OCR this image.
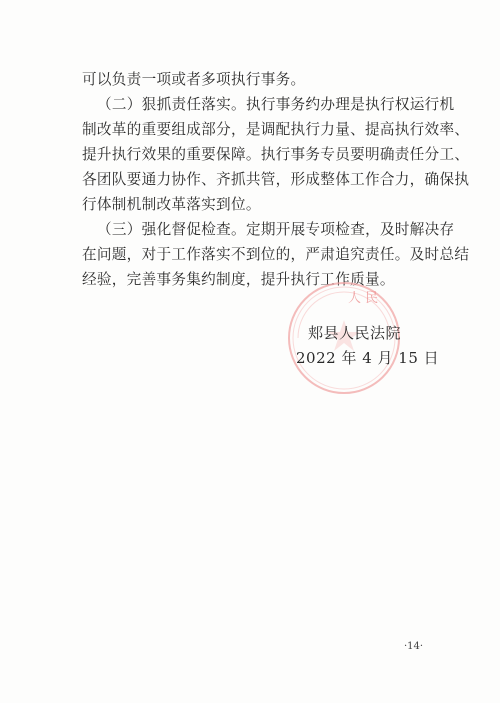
可以负责一项或者多项执行事务。
（二）狠抓责任落实。执行事务约办理是执行权运行机
制改革的重要组成部分，是调配执行力量、提高执行效率、
提升执行效果的重要保障。执行事务专员要明确责任分工、
各团队要通力协作、齐抓共管，形成整体工作合力，确保执
行体制机制改革落实到位。
（三）强化督促检查。定期开展专项检查，及时解决存
在问题，对于工作落实不到位的，严肃追究责任。及时总结
经验，完善事务集约制度，提升执行工作质量。
人 民
郏县人民法院
2022 年 4 月 15 日
·14·
